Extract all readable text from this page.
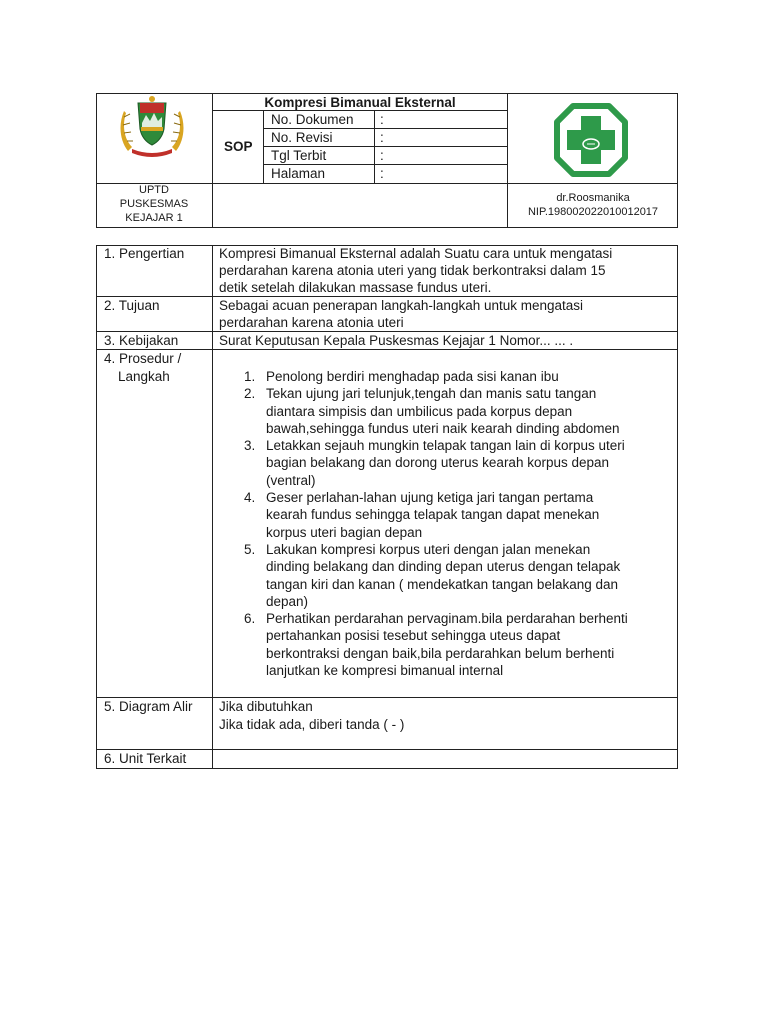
Kompresi Bimanual Eksternal
SOP
No. Dokumen :
No. Revisi	:
Tgl Terbit	:
Halaman	:
UPTD
PUSKESMAS
KEJAJAR 1
dr.Roosmanika
NIP.198002022010012017
1. Pengertian	Kompresi Bimanual Eksternal adalah Suatu cara untuk mengatasi
perdarahan karena atonia uteri yang tidak berkontraksi dalam 15
detik setelah dilakukan massase fundus uteri.
2. Tujuan	Sebagai acuan penerapan langkah-langkah untuk mengatasi
perdarahan karena atonia uteri
3. Kebijakan	Surat Keputusan Kepala Puskesmas Kejajar 1 Nomor... ... .
4. Prosedur /
Langkah	1. Penolong berdiri menghadap pada sisi kanan ibu
2. Tekan ujung jari telunjuk,tengah dan manis satu tangan
diantara simpisis dan umbilicus pada korpus depan
bawah,sehingga fundus uteri naik kearah dinding abdomen
3. Letakkan sejauh mungkin telapak tangan lain di korpus uteri
bagian belakang dan dorong uterus kearah korpus depan
(ventral)
4. Geser perlahan-lahan ujung ketiga jari tangan pertama
kearah fundus sehingga telapak tangan dapat menekan
korpus uteri bagian depan
5. Lakukan kompresi korpus uteri dengan jalan menekan
dinding belakang dan dinding depan uterus dengan telapak
tangan kiri dan kanan ( mendekatkan tangan belakang dan
depan)
6. Perhatikan perdarahan pervaginam.bila perdarahan berhenti
pertahankan posisi tesebut sehingga uteus dapat
berkontraksi dengan baik,bila perdarahkan belum berhenti
lanjutkan ke kompresi bimanual internal
5. Diagram Alir Jika dibutuhkan
Jika tidak ada, diberi tanda ( - )
6. Unit Terkait
